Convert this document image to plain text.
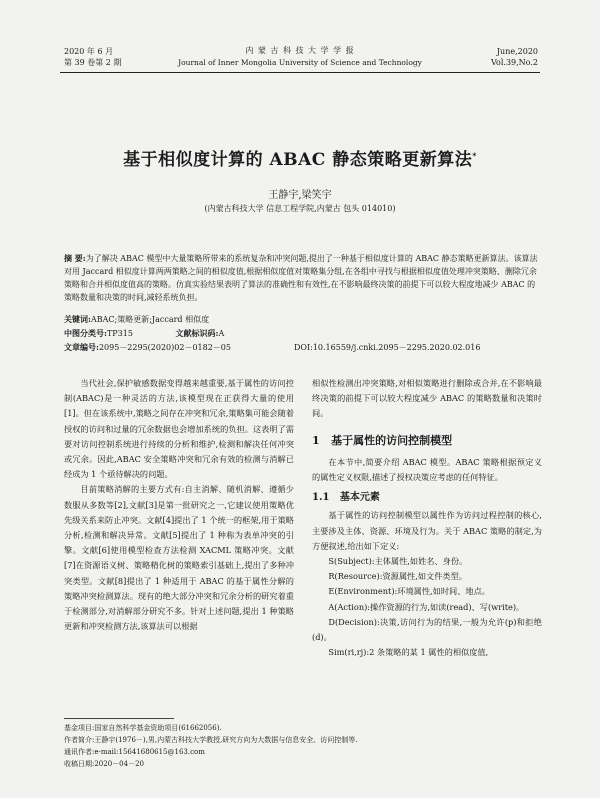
2020 年 6 月
第 39 卷第 2 期
内 蒙 古 科 技 大 学 学 报
Journal of Inner Mongolia University of Science and Technology
June,2020
Vol.39,No.2
基于相似度计算的 ABAC 静态策略更新算法*
王静宇,梁笑宇
(内蒙古科技大学 信息工程学院,内蒙古 包头 014010)
摘 要:为了解决 ABAC 模型中大量策略所带来的系统复杂和冲突问题,提出了一种基于相似度计算的 ABAC 静态策略更新算法。该算法对用 Jaccard 相似度计算两两策略之间的相似度值,根据相似度值对策略集分组,在各组中寻找与根据相似度值处理冲突策略、删除冗余策略和合并相似度值高的策略。仿真实验结果表明了算法的准确性和有效性,在不影响最终决策的前提下可以较大程度地减少 ABAC 的策略数量和决策的时间,减轻系统负担。
关键词:ABAC;策略更新;Jaccard 相似度
中图分类号:TP315	文献标识码:A
文章编号:2095－2295(2020)02－0182－05	DOI:10.16559/j.cnki.2095－2295.2020.02.016

当代社会,保护敏感数据变得越来越重要,基于属性的访问控制(ABAC)是一种灵活的方法,该模型现在正获得大量的使用[1]。但在该系统中,策略之间存在冲突和冗余,策略集可能会随着授权的访问和过量的冗余数据也会增加系统的负担。这表明了需要对访问控制系统进行持续的分析和维护,检测和解决任何冲突或冗余。因此,ABAC 安全策略冲突和冗余有效的检测与消解已经成为 1 个亟待解决的问题。

目前策略消解的主要方式有:自主消解、随机消解、遵循少数服从多数等[2],文献[3]是第一批研究之一,它建议使用策略优先级关系来防止冲突。文献[4]提出了 1 个统一的框架,用于策略分析,检测和解决异常。文献[5]提出了 1 种称为表单冲突的引擎。文献[6]使用模型检查方法检测 XACML 策略冲突。文献[7]在资源语义树、策略精化树的策略索引基础上,提出了多种冲突类型。文献[8]提出了 1 种适用于 ABAC 的基于属性分解的策略冲突检测算法。现有的绝大部分冲突和冗余分析的研究着重于检测部分,对消解部分研究不多。针对上述问题,提出 1 种策略更新和冲突检测方法,该算法可以根据

相似性检测出冲突策略,对相似策略进行删除或合并,在不影响最终决策的前提下可以较大程度减少 ABAC 的策略数量和决策时间。

1 基于属性的访问控制模型

在本节中,简要介绍 ABAC 模型。ABAC 策略根据预定义的属性定义权限,描述了授权决策应考虑的任何特征。

1.1 基本元素

基于属性的访问控制模型以属性作为访问过程控制的核心,主要涉及主体、资源、环境及行为。关于 ABAC 策略的制定,为方便叙述,给出如下定义:

S(Subject):主体属性,如姓名、身份。

R(Resource):资源属性,如文件类型。

E(Environment):环境属性,如时间、地点。

A(Action):操作资源的行为,如读(read)、写(write)。

D(Decision):决策,访问行为的结果,一般为允许(p)和拒绝(d)。

Sim(ri,rj):2 条策略的某 1 属性的相似度值,

基金项目:国家自然科学基金资助项目(61662056).
作者简介:王静宇(1976－),男,内蒙古科技大学教授,研究方向为大数据与信息安全、访问控制等.
通讯作者:e-mail:15641680615@163.com
收稿日期:2020－04－20
